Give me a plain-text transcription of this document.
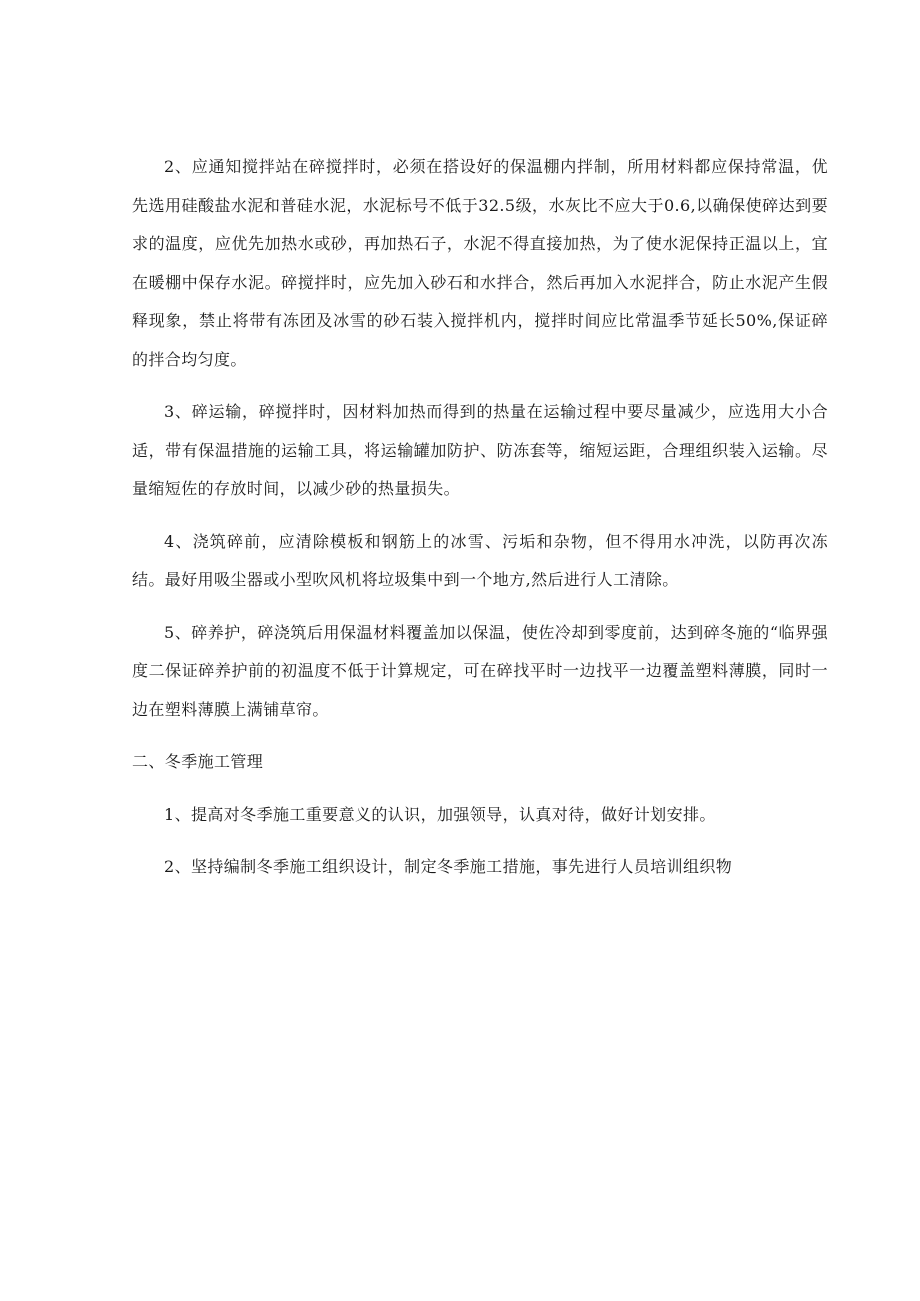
2、应通知搅拌站在碎搅拌时，必须在搭设好的保温棚内拌制，所用材料都应保持常温，优先选用硅酸盐水泥和普硅水泥，水泥标号不低于32.5级，水灰比不应大于0.6,以确保使碎达到要求的温度，应优先加热水或砂，再加热石子，水泥不得直接加热，为了使水泥保持正温以上，宜在暖棚中保存水泥。碎搅拌时，应先加入砂石和水拌合，然后再加入水泥拌合，防止水泥产生假释现象，禁止将带有冻团及冰雪的砂石装入搅拌机内，搅拌时间应比常温季节延长50%,保证碎的拌合均匀度。

3、碎运输，碎搅拌时，因材料加热而得到的热量在运输过程中要尽量减少，应选用大小合适，带有保温措施的运输工具，将运输罐加防护、防冻套等，缩短运距，合理组织装入运输。尽量缩短佐的存放时间，以减少砂的热量损失。

4、浇筑碎前，应清除模板和钢筋上的冰雪、污垢和杂物，但不得用水冲洗，以防再次冻结。最好用吸尘器或小型吹风机将垃圾集中到一个地方,然后进行人工清除。

5、碎养护，碎浇筑后用保温材料覆盖加以保温，使佐冷却到零度前，达到碎冬施的“临界强度二保证碎养护前的初温度不低于计算规定，可在碎找平时一边找平一边覆盖塑料薄膜，同时一边在塑料薄膜上满铺草帘。

二、冬季施工管理

1、提高对冬季施工重要意义的认识，加强领导，认真对待，做好计划安排。

2、坚持编制冬季施工组织设计，制定冬季施工措施，事先进行人员培训组织物
